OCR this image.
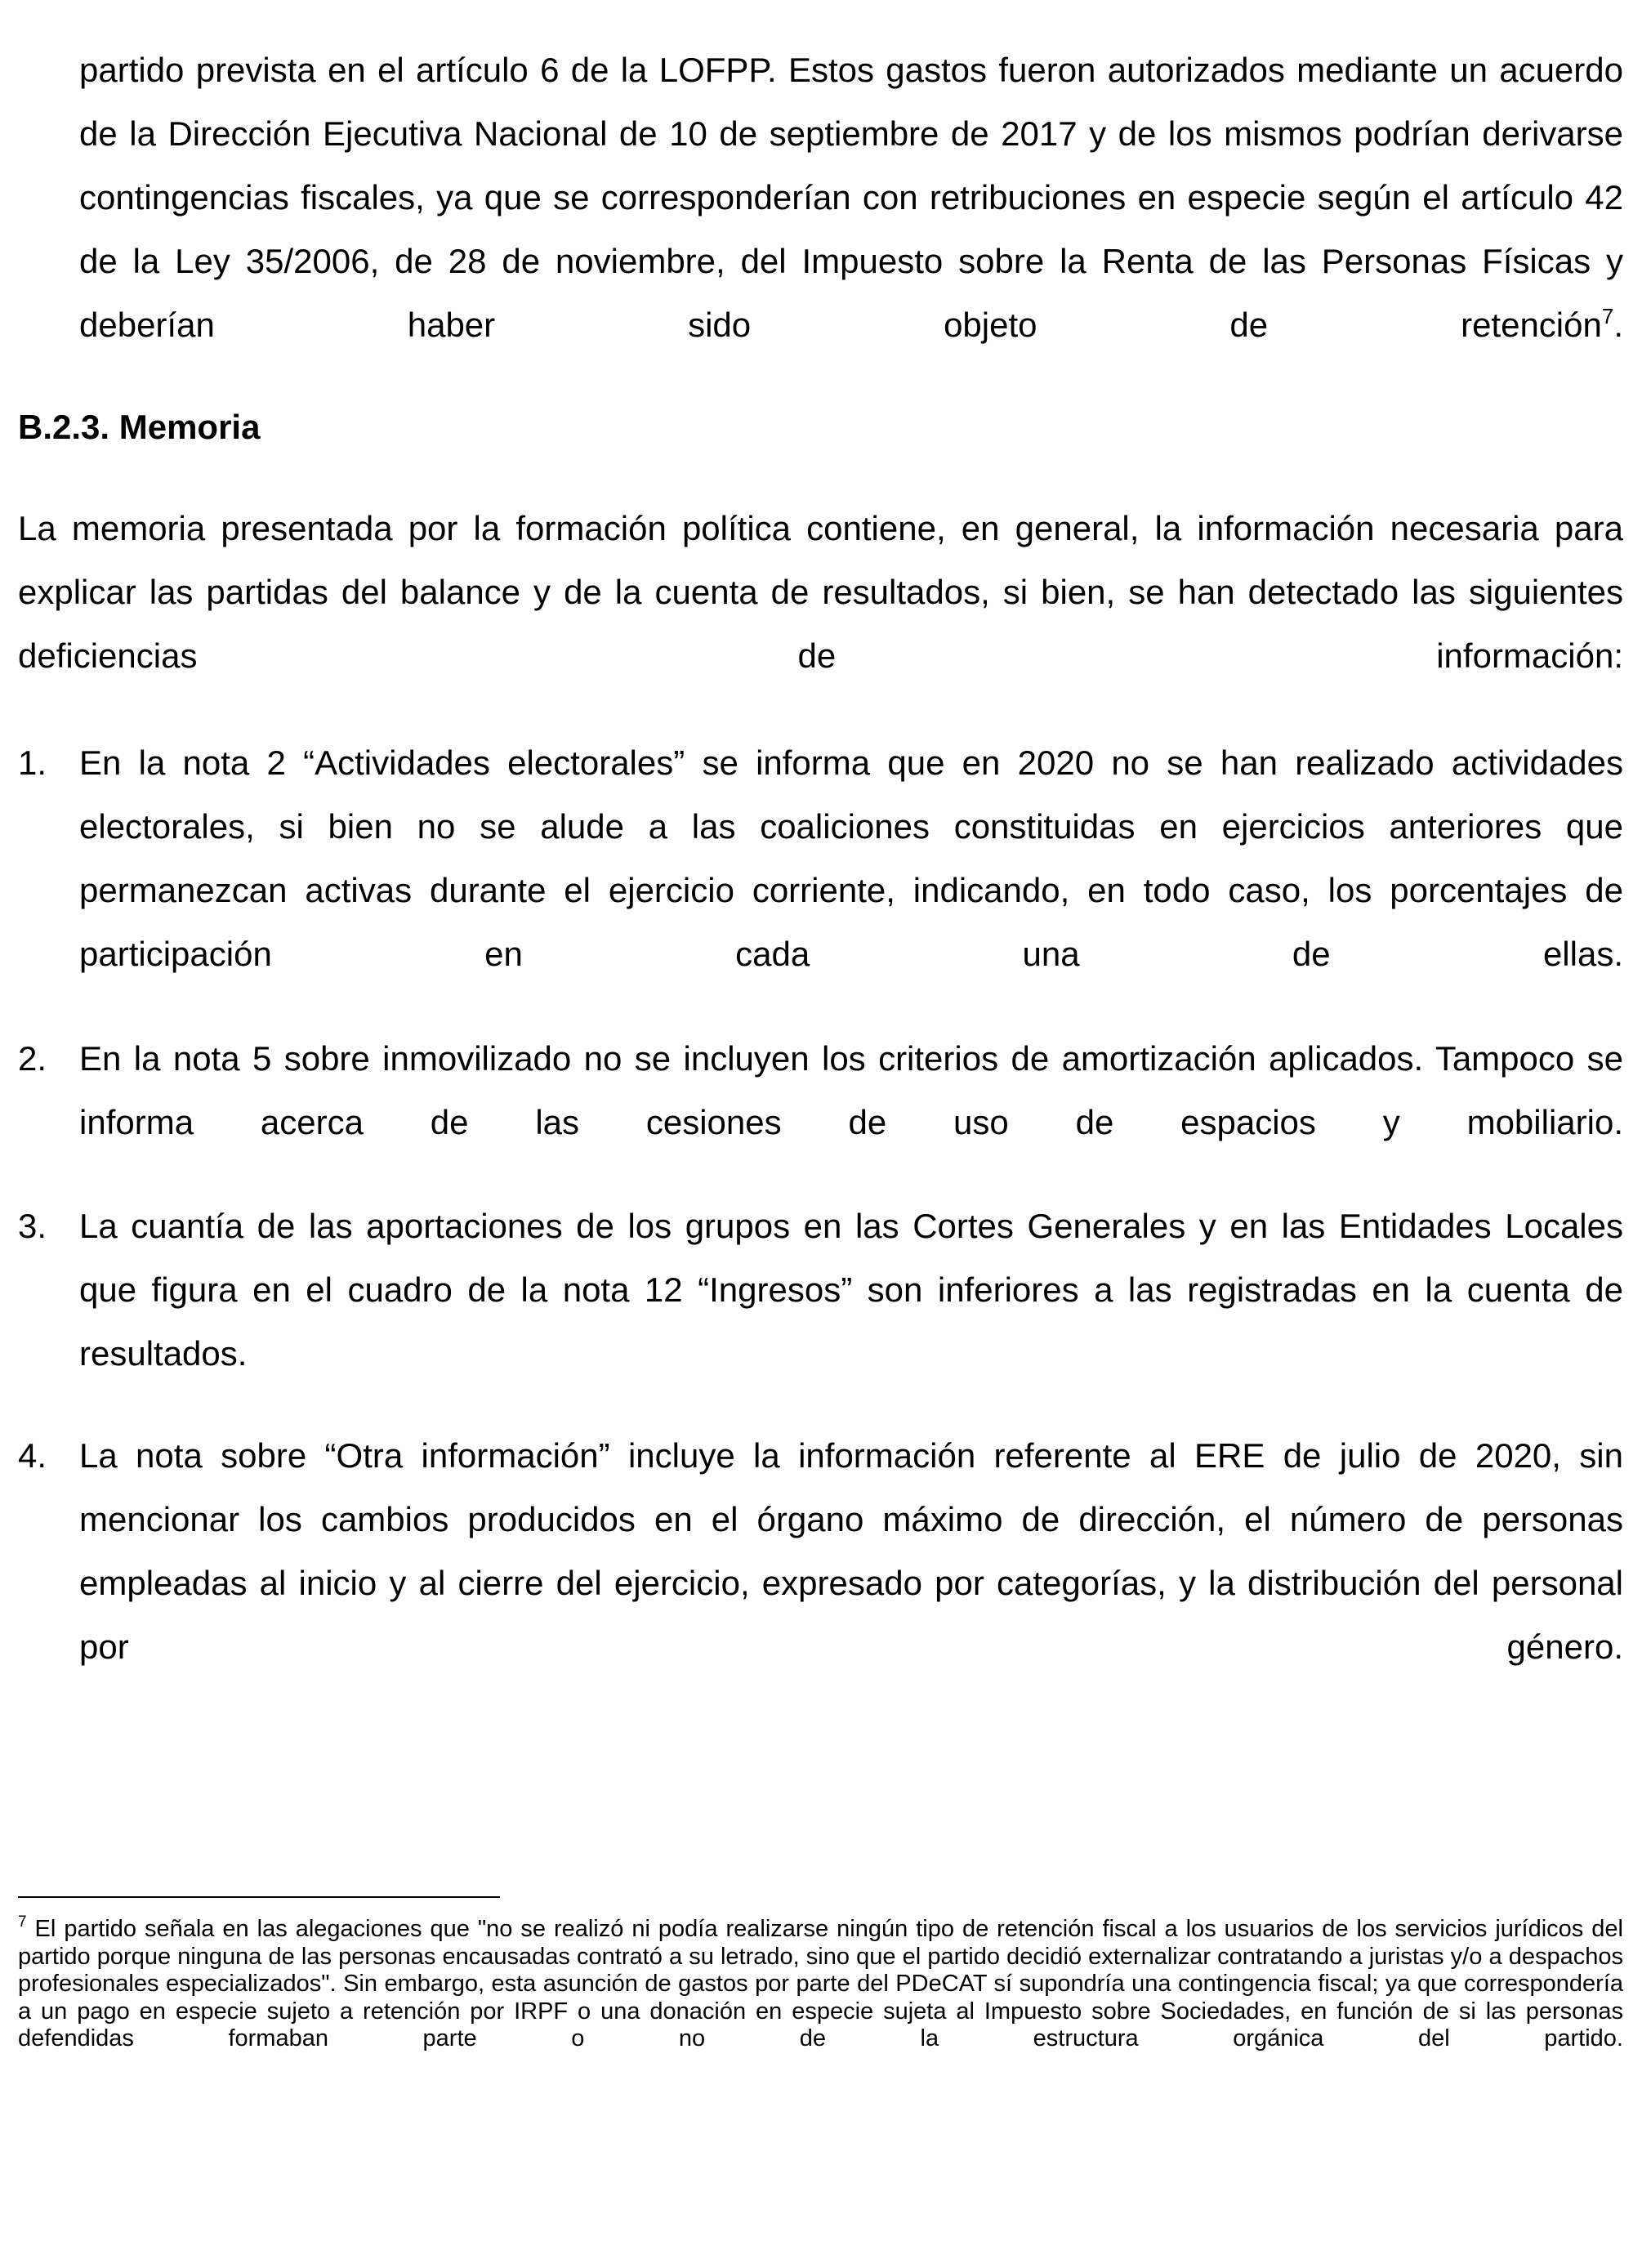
partido prevista en el artículo 6 de la LOFPP. Estos gastos fueron autorizados mediante un acuerdo de la Dirección Ejecutiva Nacional de 10 de septiembre de 2017 y de los mismos podrían derivarse contingencias fiscales, ya que se corresponderían con retribuciones en especie según el artículo 42 de la Ley 35/2006, de 28 de noviembre, del Impuesto sobre la Renta de las Personas Físicas y deberían haber sido objeto de retención$^7$.

B.2.3. Memoria

La memoria presentada por la formación política contiene, en general, la información necesaria para explicar las partidas del balance y de la cuenta de resultados, si bien, se han detectado las siguientes deficiencias de información:

1. En la nota 2 “Actividades electorales” se informa que en 2020 no se han realizado actividades electorales, si bien no se alude a las coaliciones constituidas en ejercicios anteriores que permanezcan activas durante el ejercicio corriente, indicando, en todo caso, los porcentajes de participación en cada una de ellas.

2. En la nota 5 sobre inmovilizado no se incluyen los criterios de amortización aplicados. Tampoco se informa acerca de las cesiones de uso de espacios y mobiliario.

3. La cuantía de las aportaciones de los grupos en las Cortes Generales y en las Entidades Locales que figura en el cuadro de la nota 12 “Ingresos” son inferiores a las registradas en la cuenta de resultados.

4. La nota sobre “Otra información” incluye la información referente al ERE de julio de 2020, sin mencionar los cambios producidos en el órgano máximo de dirección, el número de personas empleadas al inicio y al cierre del ejercicio, expresado por categorías, y la distribución del personal por género.

$^7$ El partido señala en las alegaciones que "no se realizó ni podía realizarse ningún tipo de retención fiscal a los usuarios de los servicios jurídicos del partido porque ninguna de las personas encausadas contrató a su letrado, sino que el partido decidió externalizar contratando a juristas y/o a despachos profesionales especializados". Sin embargo, esta asunción de gastos por parte del PDeCAT sí supondría una contingencia fiscal; ya que correspondería a un pago en especie sujeto a retención por IRPF o una donación en especie sujeta al Impuesto sobre Sociedades, en función de si las personas defendidas formaban parte o no de la estructura orgánica del partido.
